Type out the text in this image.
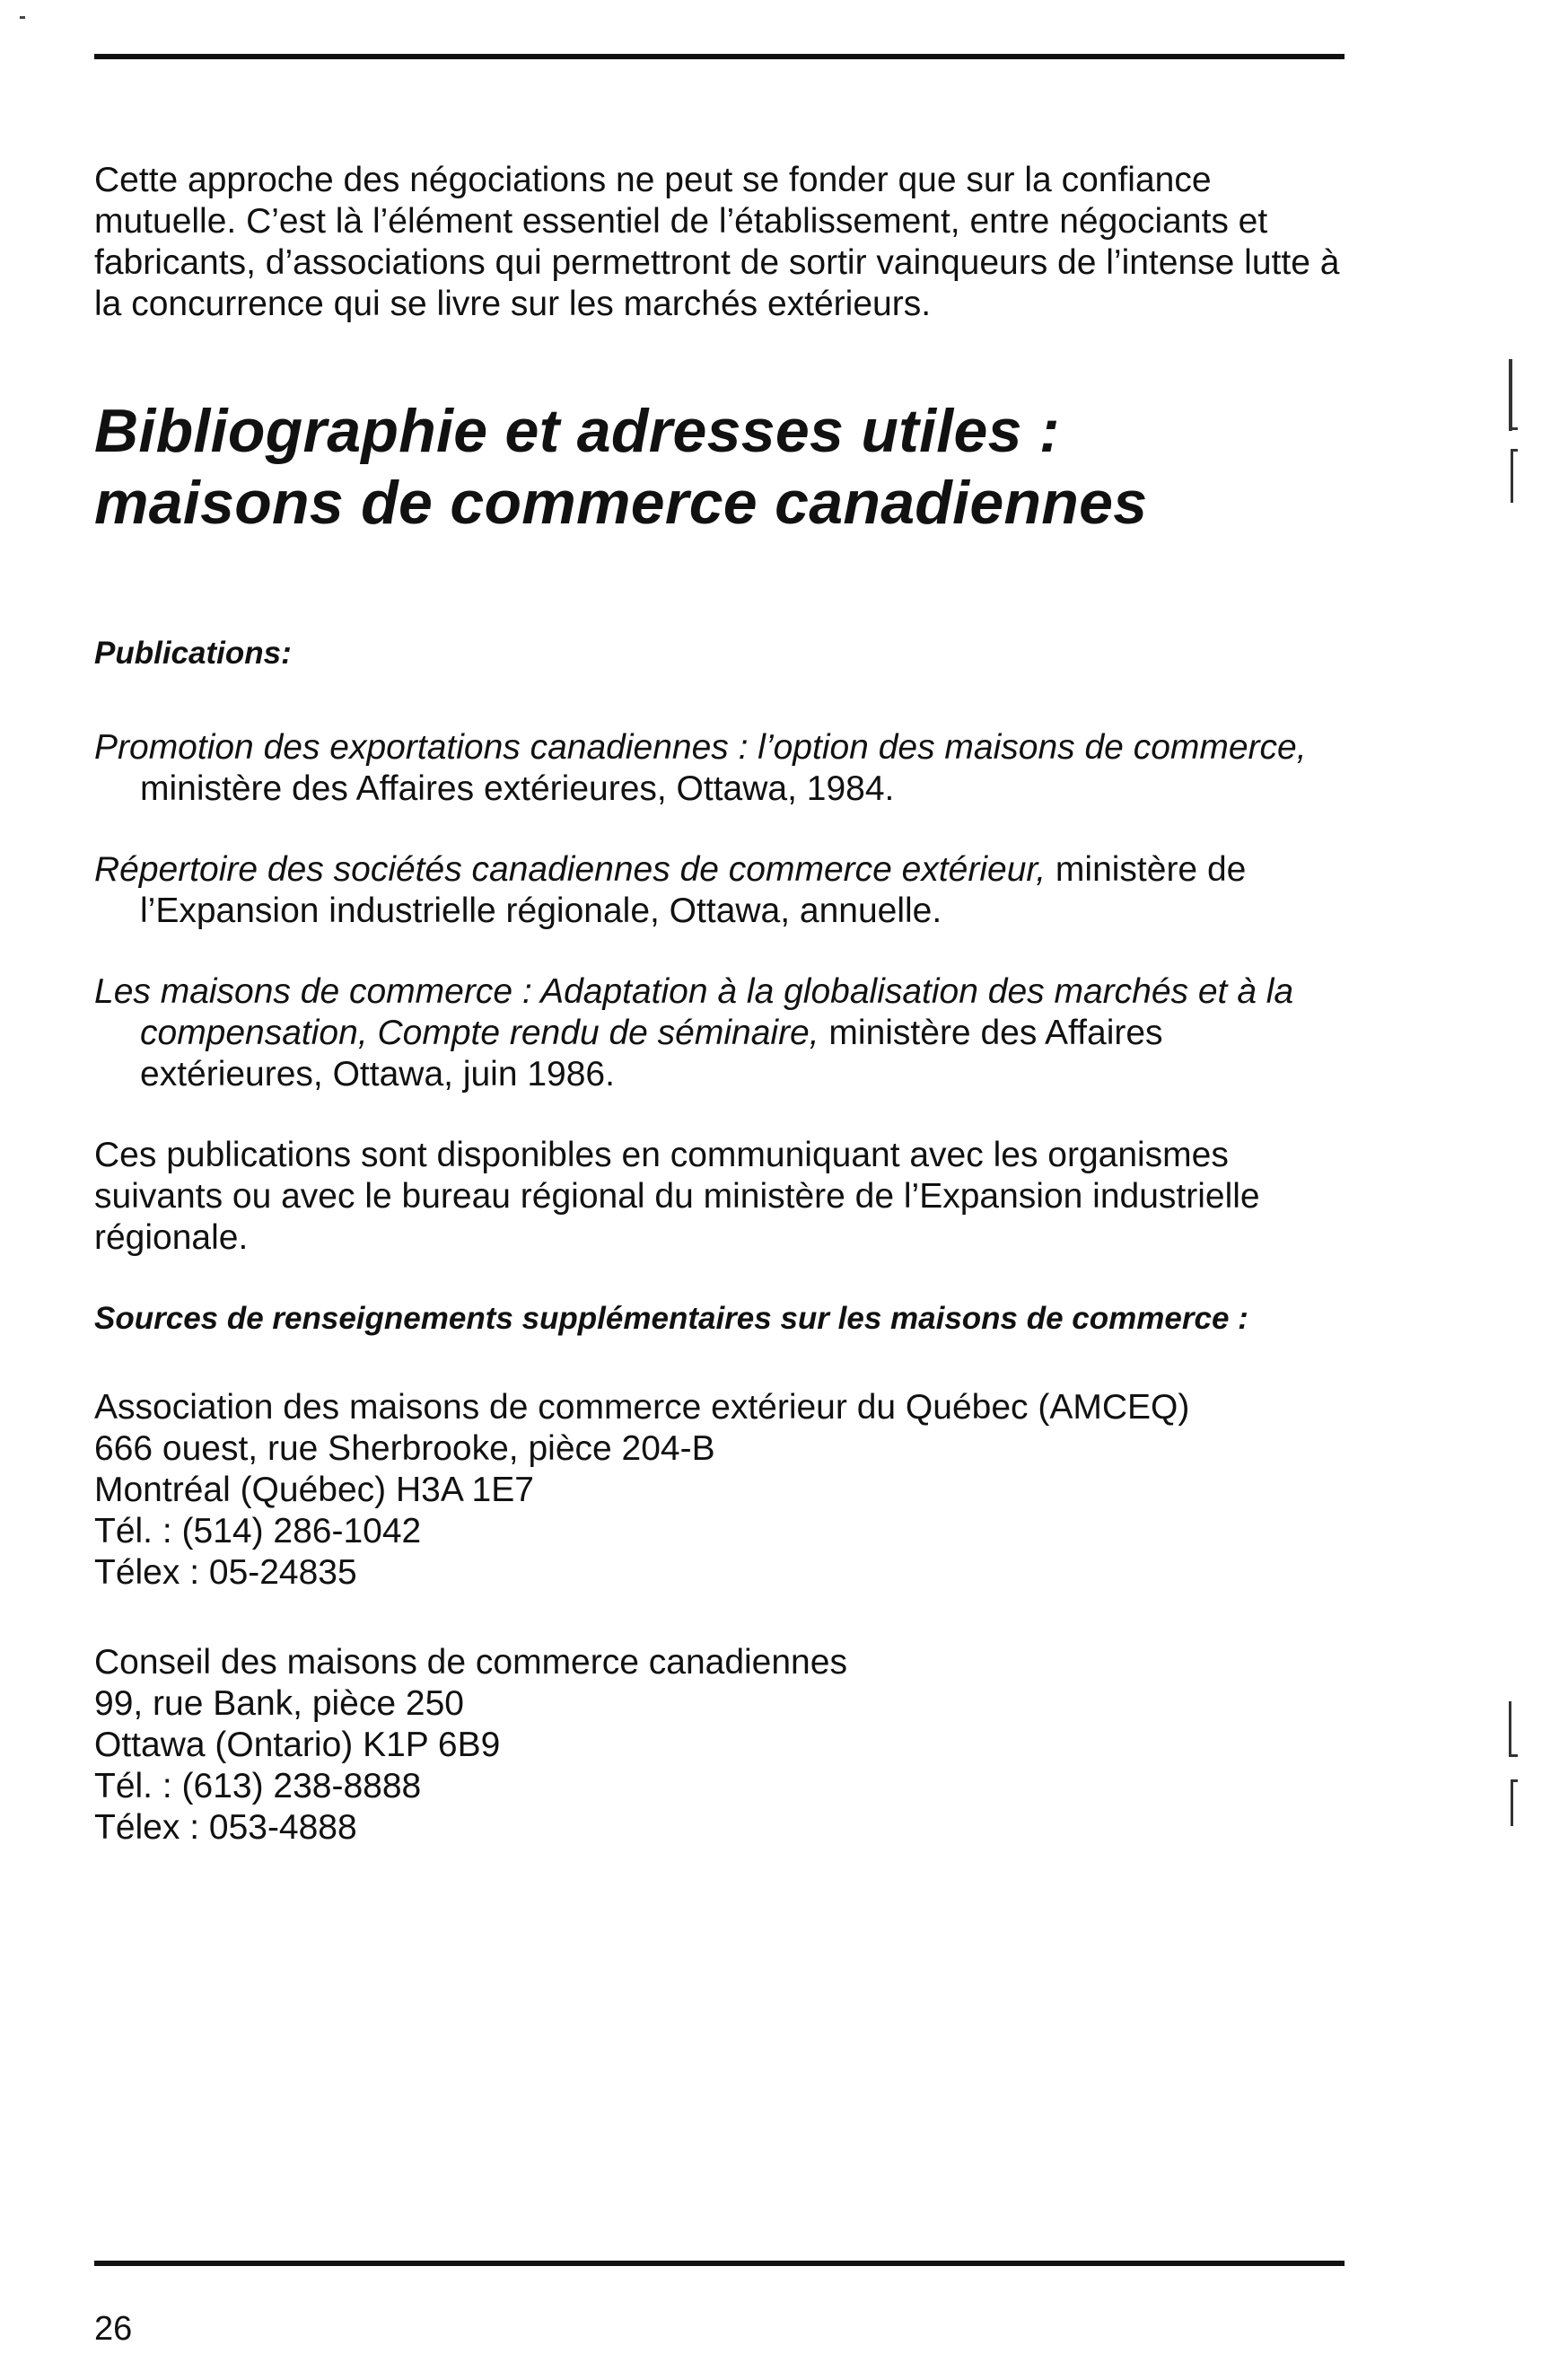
Cette approche des négociations ne peut se fonder que sur la confiance mutuelle. C’est là l’élément essentiel de l’établissement, entre négociants et fabricants, d’associations qui permettront de sortir vainqueurs de l’intense lutte à la concurrence qui se livre sur les marchés extérieurs.

Bibliographie et adresses utiles :
maisons de commerce canadiennes
Publications:

Promotion des exportations canadiennes : l’option des maisons de commerce, ministère des Affaires extérieures, Ottawa, 1984.

Répertoire des sociétés canadiennes de commerce extérieur, ministère de l’Expansion industrielle régionale, Ottawa, annuelle.

Les maisons de commerce : Adaptation à la globalisation des marchés et à la compensation, Compte rendu de séminaire, ministère des Affaires extérieures, Ottawa, juin 1986.

Ces publications sont disponibles en communiquant avec les organismes suivants ou avec le bureau régional du ministère de l’Expansion industrielle régionale.

Sources de renseignements supplémentaires sur les maisons de commerce :
Association des maisons de commerce extérieur du Québec (AMCEQ)
666 ouest, rue Sherbrooke, pièce 204-B
Montréal (Québec) H3A 1E7
Tél. : (514) 286-1042
Télex : 05-24835
Conseil des maisons de commerce canadiennes
99, rue Bank, pièce 250
Ottawa (Ontario) K1P 6B9
Tél. : (613) 238-8888
Télex : 053-4888
26
